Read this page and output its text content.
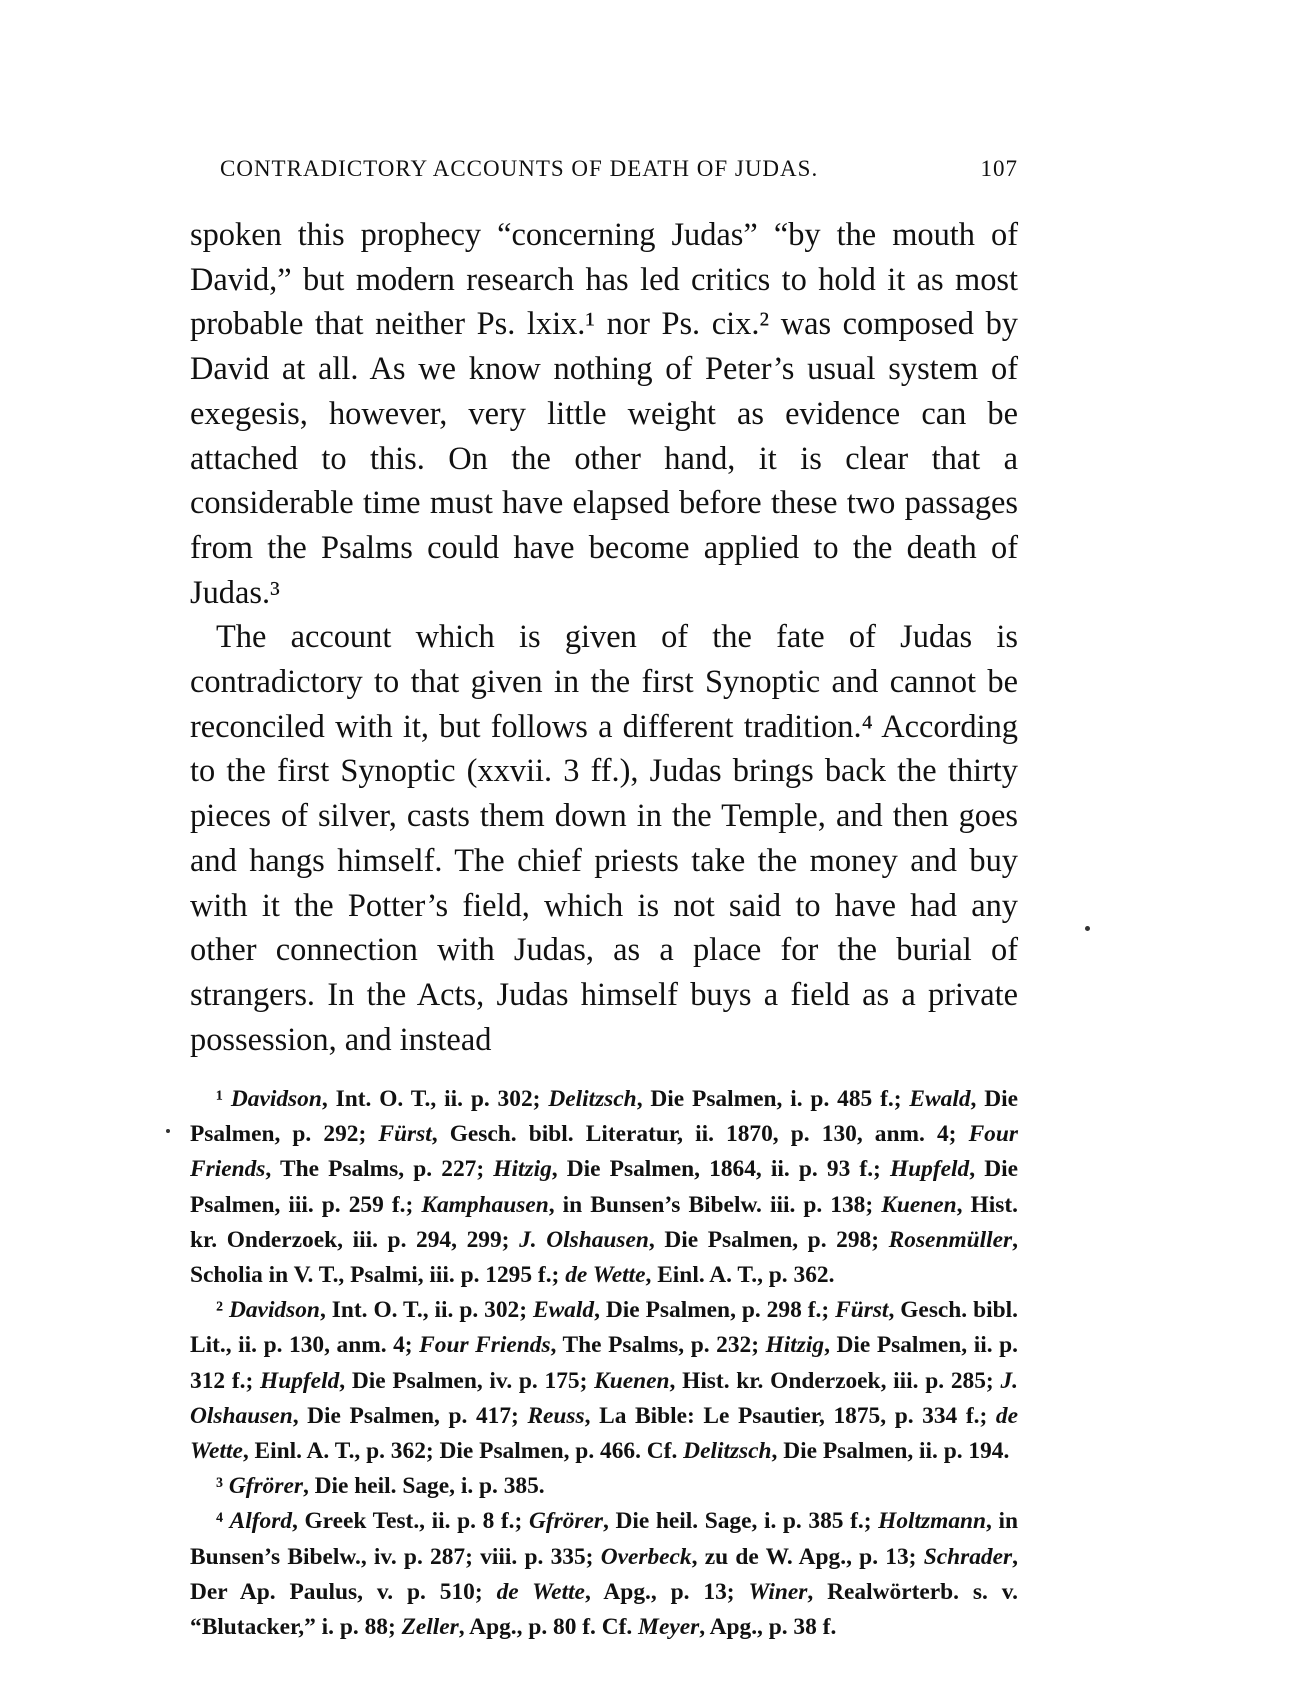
CONTRADICTORY ACCOUNTS OF DEATH OF JUDAS.	107

spoken this prophecy “concerning Judas” “by the mouth of David,” but modern research has led critics to hold it as most probable that neither Ps. lxix.¹ nor Ps. cix.² was composed by David at all. As we know nothing of Peter’s usual system of exegesis, however, very little weight as evidence can be attached to this. On the other hand, it is clear that a considerable time must have elapsed before these two passages from the Psalms could have become applied to the death of Judas.³

The account which is given of the fate of Judas is contradictory to that given in the first Synoptic and cannot be reconciled with it, but follows a different tradition.⁴ According to the first Synoptic (xxvii. 3 ff.), Judas brings back the thirty pieces of silver, casts them down in the Temple, and then goes and hangs himself. The chief priests take the money and buy with it the Potter’s field, which is not said to have had any other connection with Judas, as a place for the burial of strangers. In the Acts, Judas himself buys a field as a private possession, and instead

¹ Davidson, Int. O. T., ii. p. 302; Delitzsch, Die Psalmen, i. p. 485 f.; Ewald, Die Psalmen, p. 292; Fürst, Gesch. bibl. Literatur, ii. 1870, p. 130, anm. 4; Four Friends, The Psalms, p. 227; Hitzig, Die Psalmen, 1864, ii. p. 93 f.; Hupfeld, Die Psalmen, iii. p. 259 f.; Kamphausen, in Bunsen’s Bibelw. iii. p. 138; Kuenen, Hist. kr. Onderzoek, iii. p. 294, 299; J. Olshausen, Die Psalmen, p. 298; Rosenmüller, Scholia in V. T., Psalmi, iii. p. 1295 f.; de Wette, Einl. A. T., p. 362.

² Davidson, Int. O. T., ii. p. 302; Ewald, Die Psalmen, p. 298 f.; Fürst, Gesch. bibl. Lit., ii. p. 130, anm. 4; Four Friends, The Psalms, p. 232; Hitzig, Die Psalmen, ii. p. 312 f.; Hupfeld, Die Psalmen, iv. p. 175; Kuenen, Hist. kr. Onderzoek, iii. p. 285; J. Olshausen, Die Psalmen, p. 417; Reuss, La Bible: Le Psautier, 1875, p. 334 f.; de Wette, Einl. A. T., p. 362; Die Psalmen, p. 466. Cf. Delitzsch, Die Psalmen, ii. p. 194.

³ Gfrörer, Die heil. Sage, i. p. 385.

⁴ Alford, Greek Test., ii. p. 8 f.; Gfrörer, Die heil. Sage, i. p. 385 f.; Holtzmann, in Bunsen’s Bibelw., iv. p. 287; viii. p. 335; Overbeck, zu de W. Apg., p. 13; Schrader, Der Ap. Paulus, v. p. 510; de Wette, Apg., p. 13; Winer, Realwörterb. s. v. “Blutacker,” i. p. 88; Zeller, Apg., p. 80 f. Cf. Meyer, Apg., p. 38 f.
